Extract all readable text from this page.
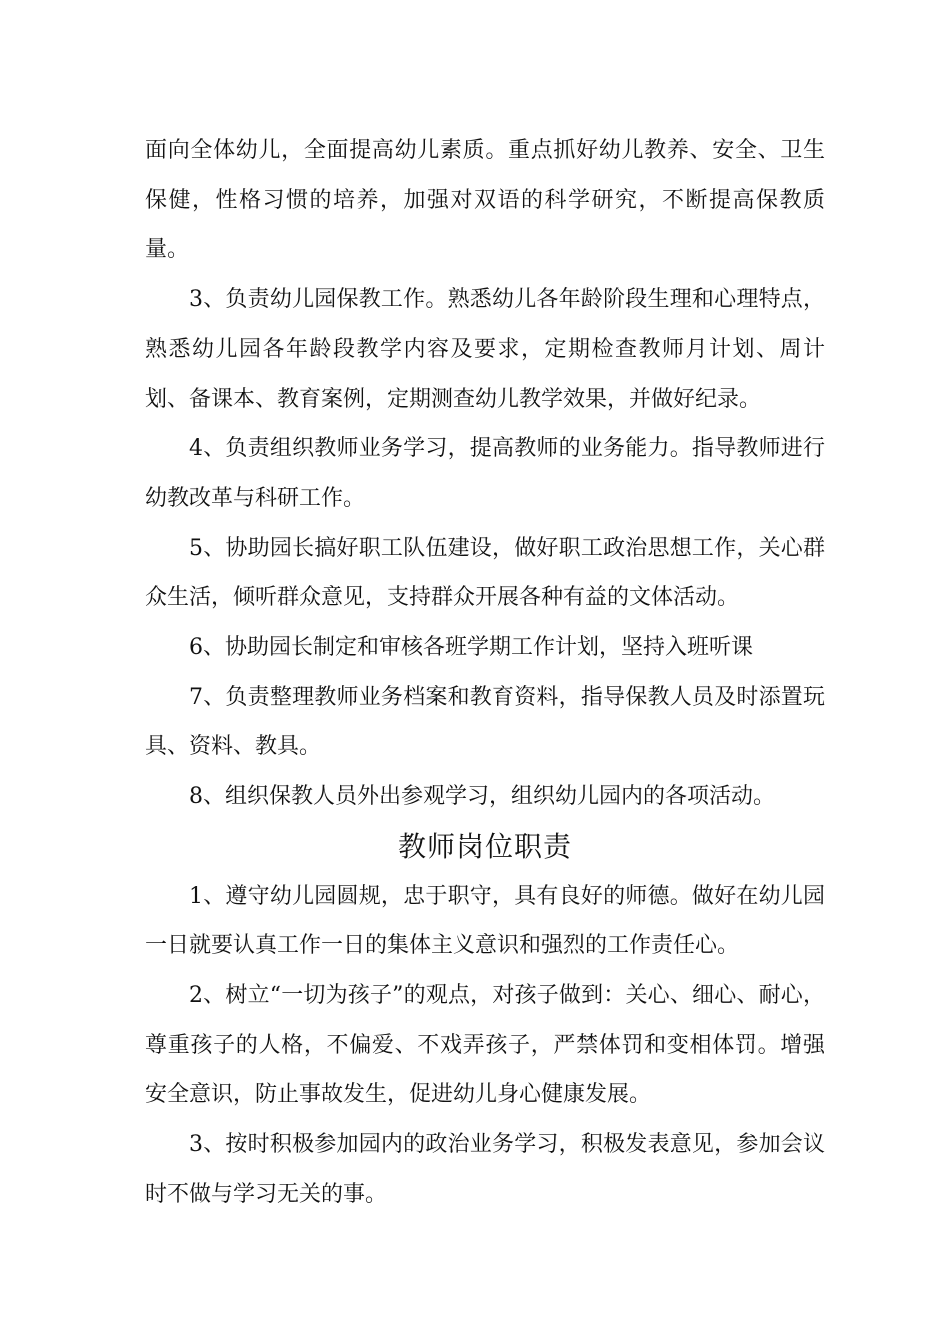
面向全体幼儿，全面提高幼儿素质。重点抓好幼儿教养、安全、卫生保健，性格习惯的培养，加强对双语的科学研究，不断提高保教质量。

3、负责幼儿园保教工作。熟悉幼儿各年龄阶段生理和心理特点，熟悉幼儿园各年龄段教学内容及要求，定期检查教师月计划、周计划、备课本、教育案例，定期测查幼儿教学效果，并做好纪录。

4、负责组织教师业务学习，提高教师的业务能力。指导教师进行幼教改革与科研工作。

5、协助园长搞好职工队伍建设，做好职工政治思想工作，关心群众生活，倾听群众意见，支持群众开展各种有益的文体活动。

6、协助园长制定和审核各班学期工作计划，坚持入班听课

7、负责整理教师业务档案和教育资料，指导保教人员及时添置玩具、资料、教具。

8、组织保教人员外出参观学习，组织幼儿园内的各项活动。

教师岗位职责

1、遵守幼儿园圆规，忠于职守，具有良好的师德。做好在幼儿园一日就要认真工作一日的集体主义意识和强烈的工作责任心。

2、树立“一切为孩子”的观点，对孩子做到：关心、细心、耐心，尊重孩子的人格，不偏爱、不戏弄孩子，严禁体罚和变相体罚。增强安全意识，防止事故发生，促进幼儿身心健康发展。

3、按时积极参加园内的政治业务学习，积极发表意见，参加会议时不做与学习无关的事。
